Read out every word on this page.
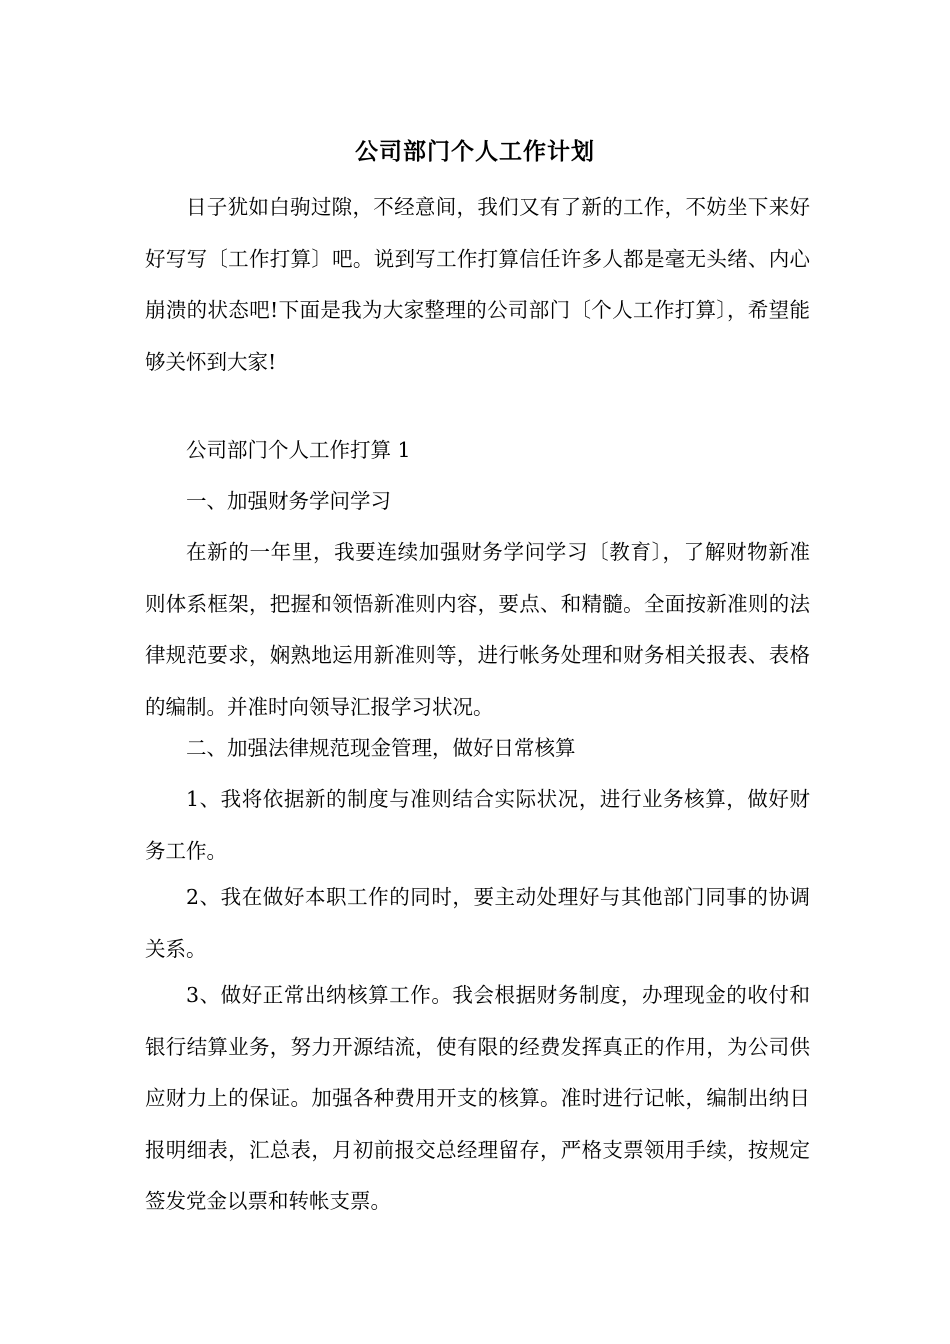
公司部门个人工作计划

日子犹如白驹过隙，不经意间，我们又有了新的工作，不妨坐下来好好写写〔工作打算〕吧。说到写工作打算信任许多人都是毫无头绪、内心崩溃的状态吧!下面是我为大家整理的公司部门〔个人工作打算〕，希望能够关怀到大家!

公司部门个人工作打算 1

一、加强财务学问学习

在新的一年里，我要连续加强财务学问学习〔教育〕，了解财物新准则体系框架，把握和领悟新准则内容，要点、和精髓。全面按新准则的法律规范要求，娴熟地运用新准则等，进行帐务处理和财务相关报表、表格的编制。并准时向领导汇报学习状况。

二、加强法律规范现金管理，做好日常核算

1、我将依据新的制度与准则结合实际状况，进行业务核算，做好财务工作。

2、我在做好本职工作的同时，要主动处理好与其他部门同事的协调关系。

3、做好正常出纳核算工作。我会根据财务制度，办理现金的收付和银行结算业务，努力开源结流，使有限的经费发挥真正的作用，为公司供应财力上的保证。加强各种费用开支的核算。准时进行记帐，编制出纳日报明细表，汇总表，月初前报交总经理留存，严格支票领用手续，按规定签发党金以票和转帐支票。
